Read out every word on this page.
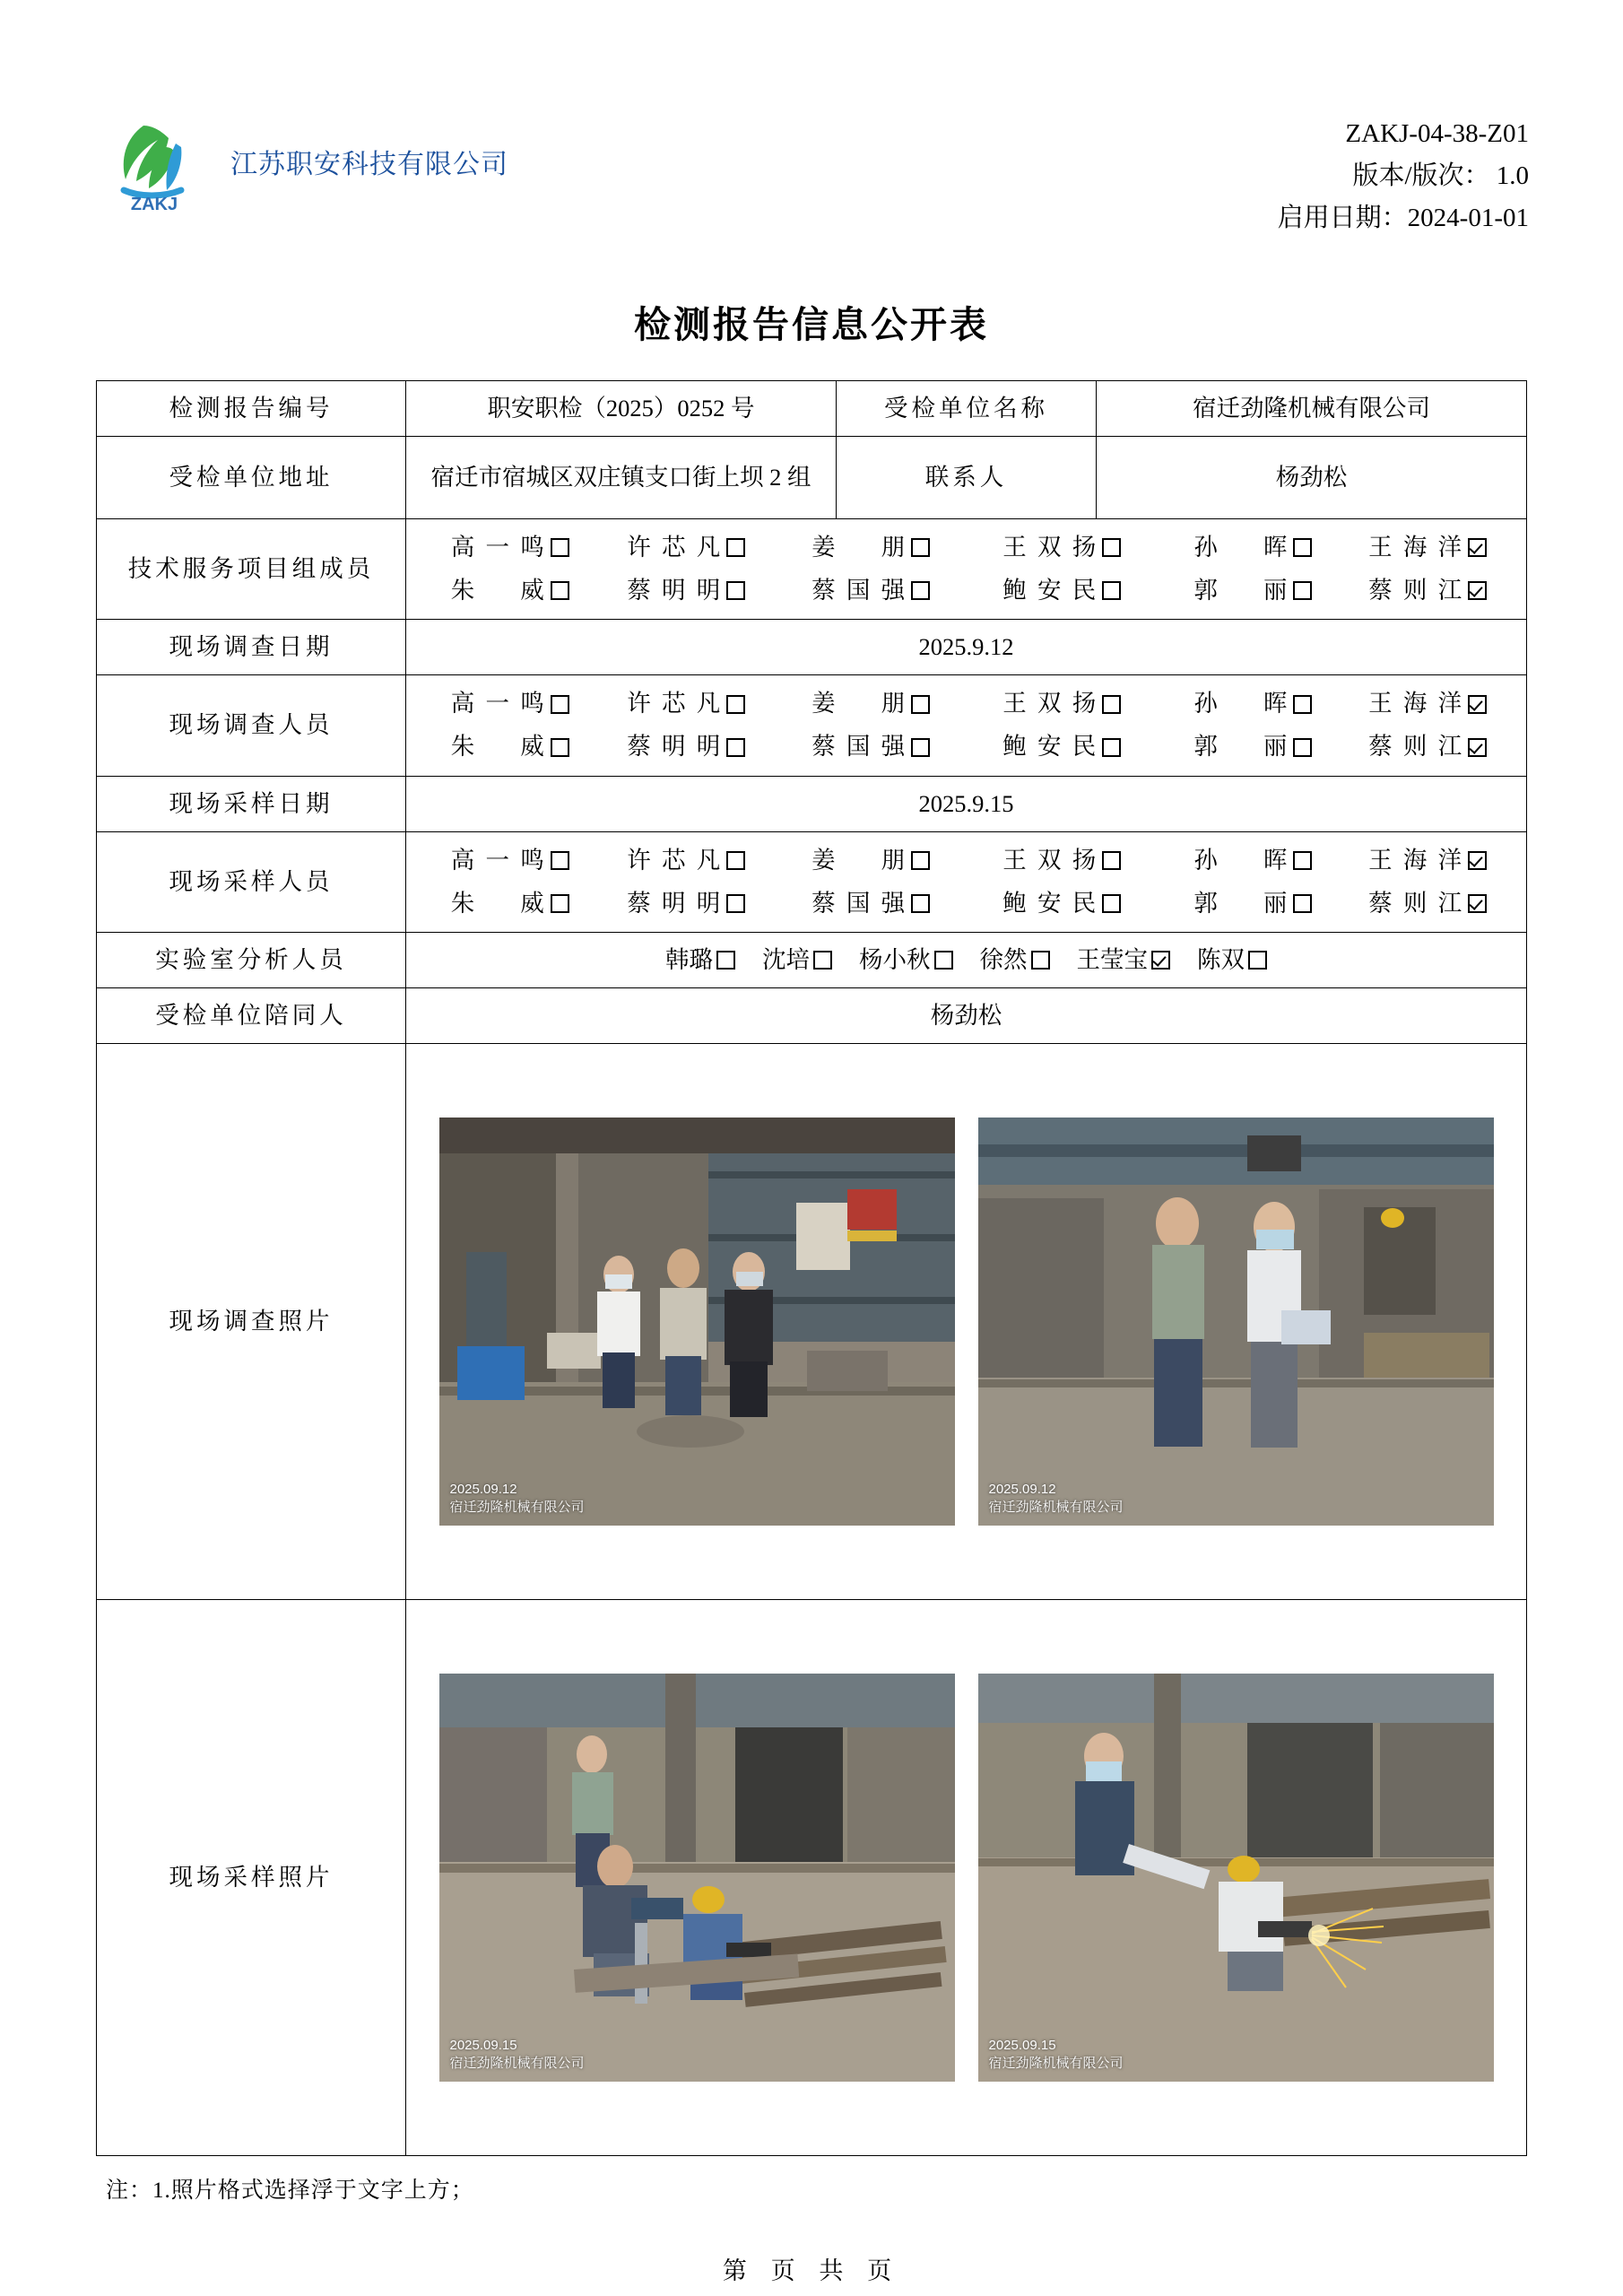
ZAKJ
江苏职安科技有限公司
ZAKJ-04-38-Z01
版本/版次： 1.0
启用日期：2024-01-01
检测报告信息公开表
检测报告编号	职安职检（2025）0252 号	受检单位名称	宿迁劲隆机械有限公司
受检单位地址	宿迁市宿城区双庄镇支口街上坝 2 组	联系人	杨劲松
技术服务项目组成员	
高一鸣	许芯凡	姜 朋	王双扬	孙 晖	王海洋
朱 威	蔡明明	蔡国强	鲍安民	郭 丽	蔡则江

现场调查日期	2025.9.12		
现场调查人员	
高一鸣	许芯凡	姜 朋	王双扬	孙 晖	王海洋
朱 威	蔡明明	蔡国强	鲍安民	郭 丽	蔡则江

现场采样日期	2025.9.15		
现场采样人员	
高一鸣	许芯凡	姜 朋	王双扬	孙 晖	王海洋
朱 威	蔡明明	蔡国强	鲍安民	郭 丽	蔡则江

实验室分析人员	韩璐 沈培 杨小秋 徐然 王莹宝 陈双

受检单位陪同人	杨劲松		
现场调查照片	2025.09.12
宿迁劲隆机械有限公司
2025.09.12
宿迁劲隆机械有限公司		

现场采样照片	2025.09.15
宿迁劲隆机械有限公司
2025.09.15
宿迁劲隆机械有限公司		
注：1.照片格式选择浮于文字上方；
第 页 共 页
